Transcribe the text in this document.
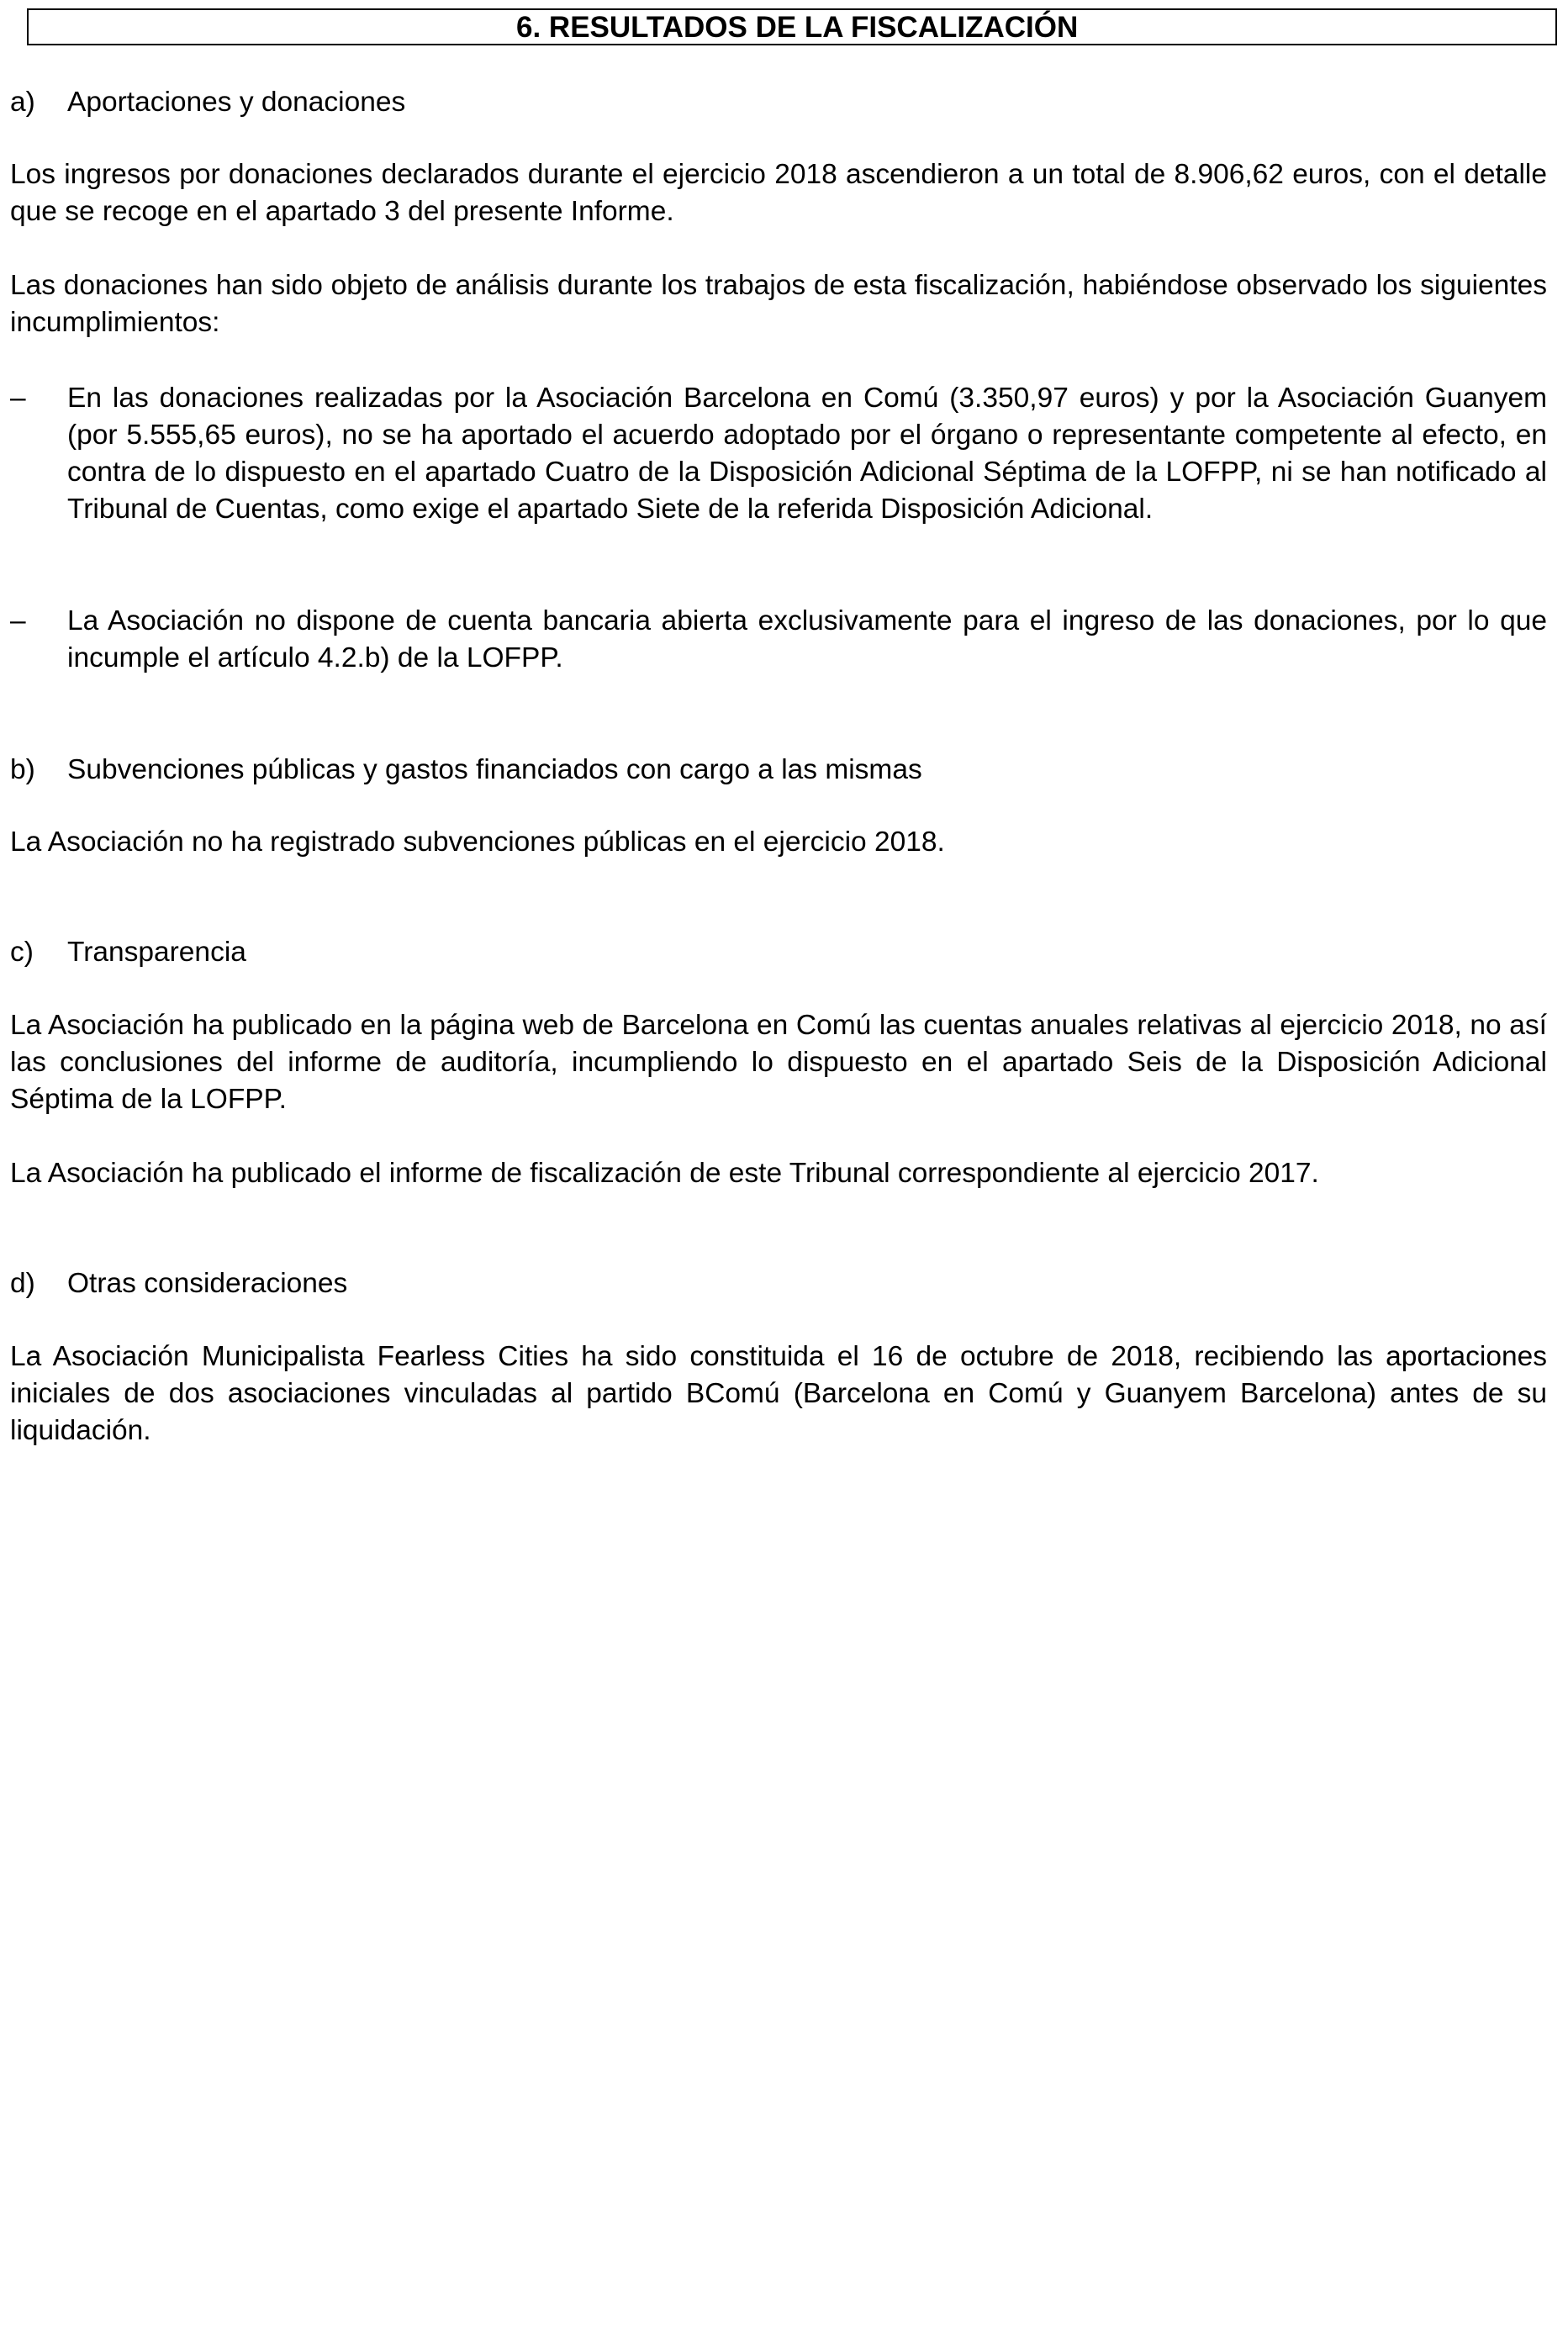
6. RESULTADOS DE LA FISCALIZACIÓN
a) Aportaciones y donaciones
Los ingresos por donaciones declarados durante el ejercicio 2018 ascendieron a un total de 8.906,62 euros, con el detalle que se recoge en el apartado 3 del presente Informe.
Las donaciones han sido objeto de análisis durante los trabajos de esta fiscalización, habiéndose observado los siguientes incumplimientos:
– En las donaciones realizadas por la Asociación Barcelona en Comú (3.350,97 euros) y por la Asociación Guanyem (por 5.555,65 euros), no se ha aportado el acuerdo adoptado por el órgano o representante competente al efecto, en contra de lo dispuesto en el apartado Cuatro de la Disposición Adicional Séptima de la LOFPP, ni se han notificado al Tribunal de Cuentas, como exige el apartado Siete de la referida Disposición Adicional.
– La Asociación no dispone de cuenta bancaria abierta exclusivamente para el ingreso de las donaciones, por lo que incumple el artículo 4.2.b) de la LOFPP.
b) Subvenciones públicas y gastos financiados con cargo a las mismas
La Asociación no ha registrado subvenciones públicas en el ejercicio 2018.
c) Transparencia
La Asociación ha publicado en la página web de Barcelona en Comú las cuentas anuales relativas al ejercicio 2018, no así las conclusiones del informe de auditoría, incumpliendo lo dispuesto en el apartado Seis de la Disposición Adicional Séptima de la LOFPP.
La Asociación ha publicado el informe de fiscalización de este Tribunal correspondiente al ejercicio 2017.
d) Otras consideraciones
La Asociación Municipalista Fearless Cities ha sido constituida el 16 de octubre de 2018, recibiendo las aportaciones iniciales de dos asociaciones vinculadas al partido BComú (Barcelona en Comú y Guanyem Barcelona) antes de su liquidación.
